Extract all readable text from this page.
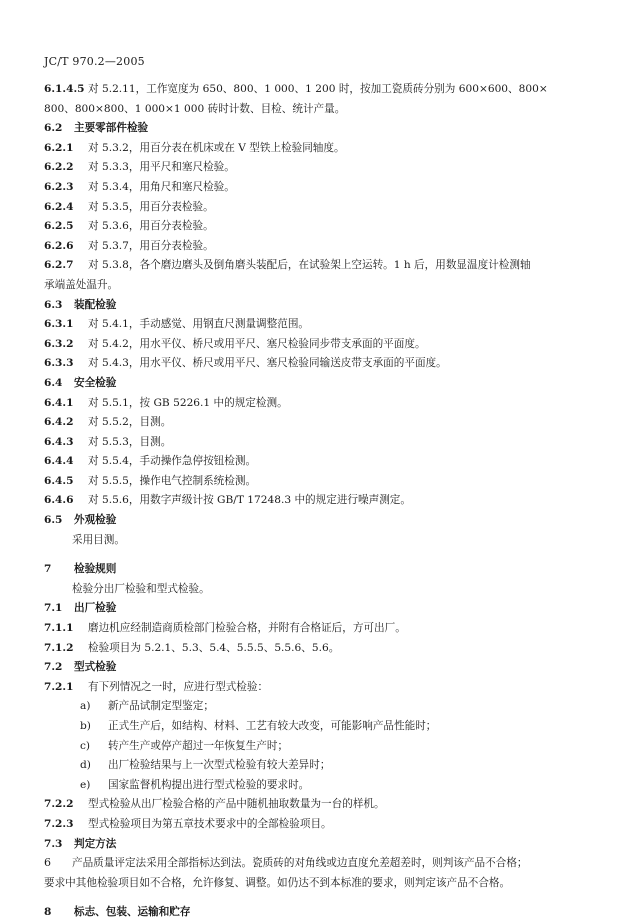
JC/T 970.2—2005
6.1.4.5 对 5.2.11，工作宽度为 650、800、1 000、1 200 时，按加工瓷质砖分别为 600×600、800×
800、800×800、1 000×1 000 砖时计数、目检、统计产量。
6.2 主要零部件检验
6.2.1 对 5.3.2，用百分表在机床或在 V 型铁上检验同轴度。
6.2.2 对 5.3.3，用平尺和塞尺检验。
6.2.3 对 5.3.4，用角尺和塞尺检验。
6.2.4 对 5.3.5，用百分表检验。
6.2.5 对 5.3.6，用百分表检验。
6.2.6 对 5.3.7，用百分表检验。
6.2.7 对 5.3.8，各个磨边磨头及倒角磨头装配后，在试验架上空运转。1 h 后，用数显温度计检测轴
承端盖处温升。
6.3 装配检验
6.3.1 对 5.4.1，手动感觉、用钢直尺测量调整范围。
6.3.2 对 5.4.2，用水平仪、桥尺或用平尺、塞尺检验同步带支承面的平面度。
6.3.3 对 5.4.3，用水平仪、桥尺或用平尺、塞尺检验同输送皮带支承面的平面度。
6.4 安全检验
6.4.1 对 5.5.1，按 GB 5226.1 中的规定检测。
6.4.2 对 5.5.2，目测。
6.4.3 对 5.5.3，目测。
6.4.4 对 5.5.4，手动操作急停按钮检测。
6.4.5 对 5.5.5，操作电气控制系统检测。
6.4.6 对 5.5.6，用数字声级计按 GB/T 17248.3 中的规定进行噪声测定。
6.5 外观检验
采用目测。
7 检验规则
检验分出厂检验和型式检验。
7.1 出厂检验
7.1.1 磨边机应经制造商质检部门检验合格，并附有合格证后，方可出厂。
7.1.2 检验项目为 5.2.1、5.3、5.4、5.5.5、5.5.6、5.6。
7.2 型式检验
7.2.1 有下列情况之一时，应进行型式检验：
a) 新产品试制定型鉴定；
b) 正式生产后，如结构、材料、工艺有较大改变，可能影响产品性能时；
c) 转产生产或停产超过一年恢复生产时；
d) 出厂检验结果与上一次型式检验有较大差异时；
e) 国家监督机构提出进行型式检验的要求时。
7.2.2 型式检验从出厂检验合格的产品中随机抽取数量为一台的样机。
7.2.3 型式检验项目为第五章技术要求中的全部检验项目。
7.3 判定方法
产品质量评定法采用全部指标达到法。瓷质砖的对角线或边直度允差超差时，则判该产品不合格；
要求中其他检验项目如不合格，允许修复、调整。如仍达不到本标准的要求，则判定该产品不合格。
8 标志、包装、运输和贮存
6
